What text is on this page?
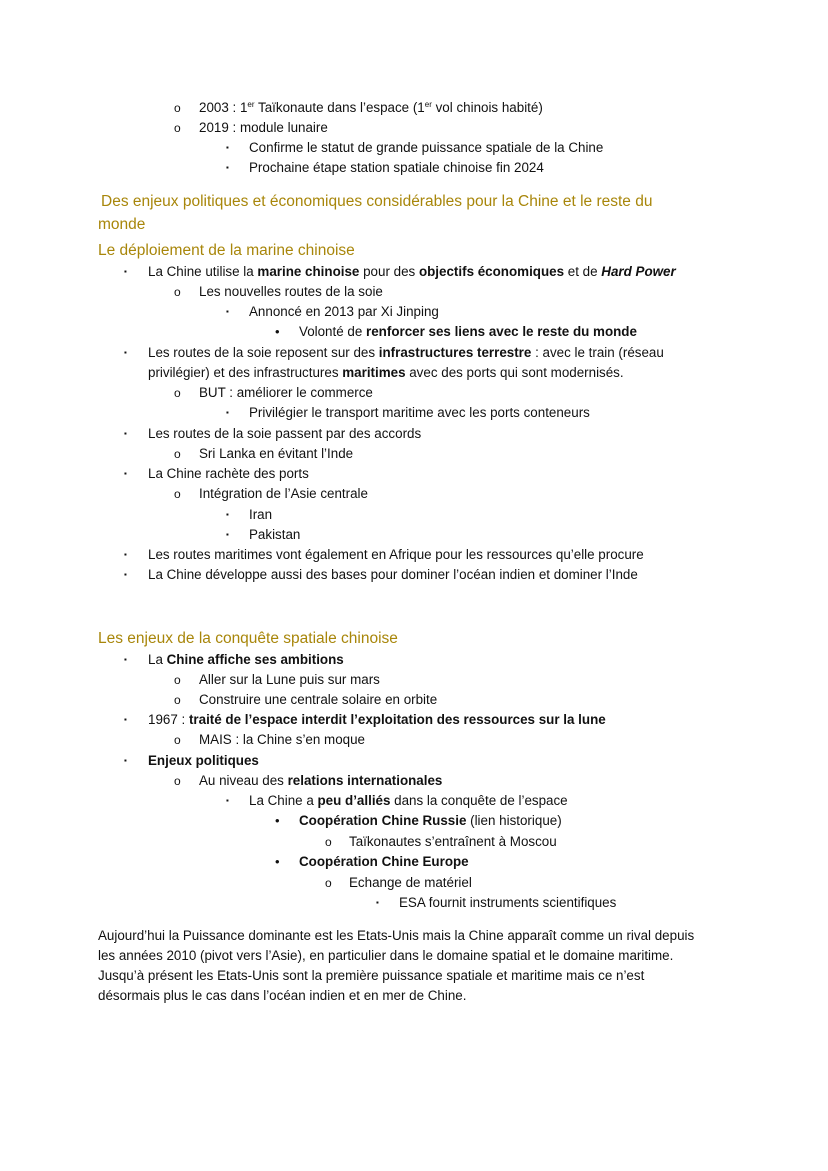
o 2003 : 1er Taïkonaute dans l’espace (1er vol chinois habité)
o 2019 : module lunaire
▪ Confirme le statut de grande puissance spatiale de la Chine
▪ Prochaine étape station spatiale chinoise fin 2024
Des enjeux politiques et économiques considérables pour la Chine et le reste du
monde
Le déploiement de la marine chinoise
▪ La Chine utilise la marine chinoise pour des objectifs économiques et de Hard Power
o Les nouvelles routes de la soie
▪ Annoncé en 2013 par Xi Jinping
• Volonté de renforcer ses liens avec le reste du monde
▪ Les routes de la soie reposent sur des infrastructures terrestre : avec le train (réseau
privilégier) et des infrastructures maritimes avec des ports qui sont modernisés.
o BUT : améliorer le commerce
▪ Privilégier le transport maritime avec les ports conteneurs
▪ Les routes de la soie passent par des accords
o Sri Lanka en évitant l’Inde
▪ La Chine rachète des ports
o Intégration de l’Asie centrale
▪ Iran
▪ Pakistan
▪ Les routes maritimes vont également en Afrique pour les ressources qu’elle procure
▪ La Chine développe aussi des bases pour dominer l’océan indien et dominer l’Inde
Les enjeux de la conquête spatiale chinoise
▪ La Chine affiche ses ambitions
o Aller sur la Lune puis sur mars
o Construire une centrale solaire en orbite
▪ 1967 : traité de l’espace interdit l’exploitation des ressources sur la lune
o MAIS : la Chine s’en moque
▪ Enjeux politiques
o Au niveau des relations internationales
▪ La Chine a peu d’alliés dans la conquête de l’espace
• Coopération Chine Russie (lien historique)
o Taïkonautes s’entraînent à Moscou
• Coopération Chine Europe
o Echange de matériel
▪ ESA fournit instruments scientifiques
Aujourd’hui la Puissance dominante est les Etats-Unis mais la Chine apparaît comme un rival depuis
les années 2010 (pivot vers l’Asie), en particulier dans le domaine spatial et le domaine maritime.
Jusqu’à présent les Etats-Unis sont la première puissance spatiale et maritime mais ce n’est
désormais plus le cas dans l’océan indien et en mer de Chine.
